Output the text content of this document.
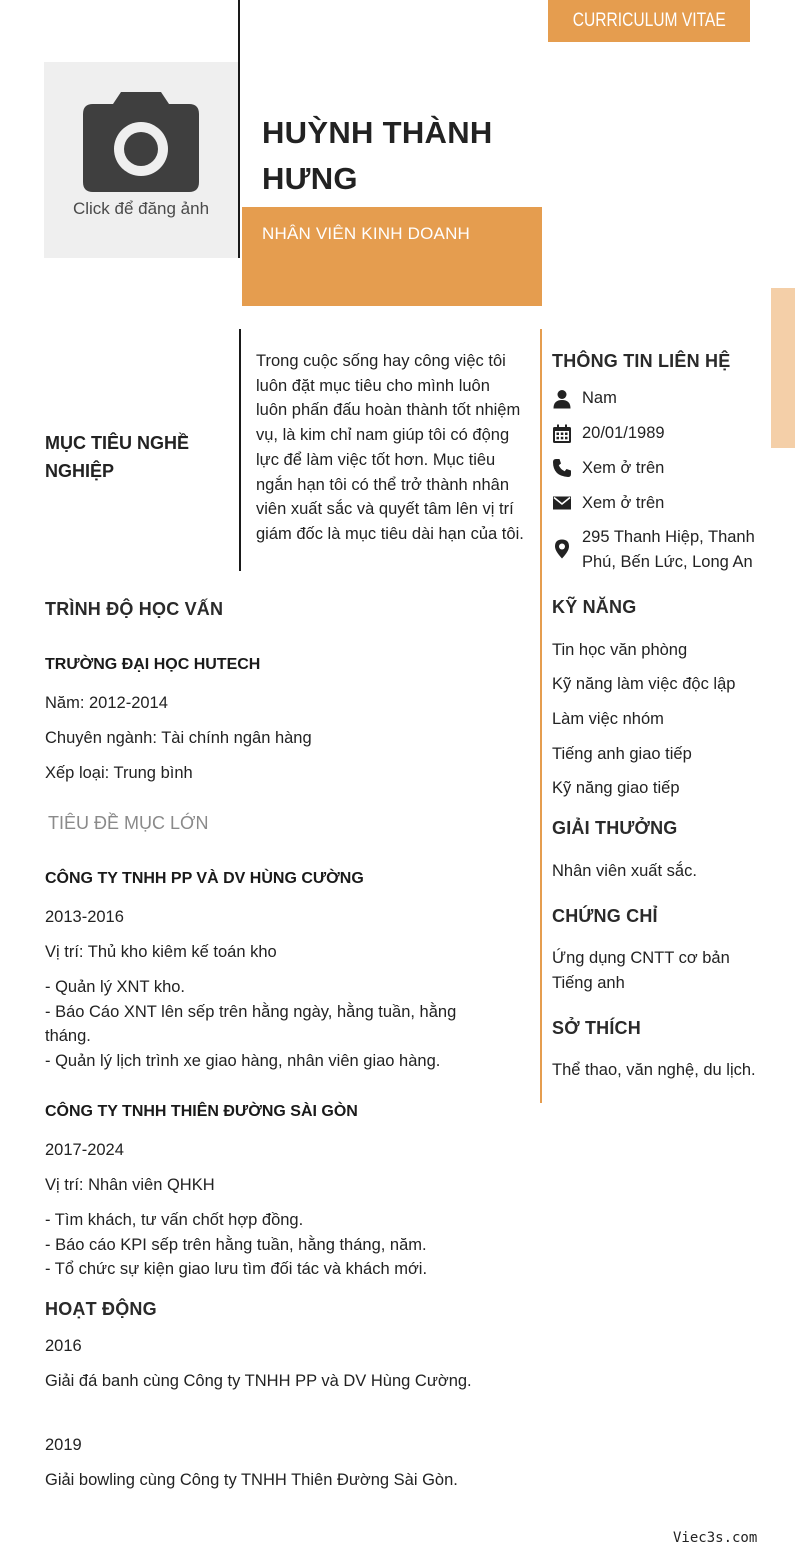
CURRICULUM VITAE
Click để đăng ảnh
HUỲNH THÀNH
HƯNG
NHÂN VIÊN KINH DOANH
MỤC TIÊU NGHỀ
NGHIỆP
Trong cuộc sống hay công việc tôi luôn đặt mục tiêu cho mình luôn luôn phấn đấu hoàn thành tốt nhiệm vụ, là kim chỉ nam giúp tôi có động lực để làm việc tốt hơn. Mục tiêu ngắn hạn tôi có thể trở thành nhân viên xuất sắc và quyết tâm lên vị trí giám đốc là mục tiêu dài hạn của tôi.
THÔNG TIN LIÊN HỆ
Nam
20/01/1989
Xem ở trên
Xem ở trên
295 Thanh Hiệp, Thanh
Phú, Bến Lức, Long An
KỸ NĂNG
Tin học văn phòng
Kỹ năng làm việc độc lập
Làm việc nhóm
Tiếng anh giao tiếp
Kỹ năng giao tiếp
GIẢI THƯỞNG
Nhân viên xuất sắc.
CHỨNG CHỈ
Ứng dụng CNTT cơ bản
Tiếng anh
SỞ THÍCH
Thể thao, văn nghệ, du lịch.
TRÌNH ĐỘ HỌC VẤN
TRƯỜNG ĐẠI HỌC HUTECH
Năm: 2012-2014
Chuyên ngành: Tài chính ngân hàng
Xếp loại: Trung bình
TIÊU ĐỀ MỤC LỚN
CÔNG TY TNHH PP VÀ DV HÙNG CƯỜNG
2013-2016
Vị trí: Thủ kho kiêm kế toán kho
- Quản lý XNT kho.
- Báo Cáo XNT lên sếp trên hằng ngày, hằng tuần, hằng
tháng.
- Quản lý lịch trình xe giao hàng, nhân viên giao hàng.
CÔNG TY TNHH THIÊN ĐƯỜNG SÀI GÒN
2017-2024
Vị trí: Nhân viên QHKH
- Tìm khách, tư vấn chốt hợp đồng.
- Báo cáo KPI sếp trên hằng tuần, hằng tháng, năm.
- Tổ chức sự kiện giao lưu tìm đối tác và khách mới.
HOẠT ĐỘNG
2016
Giải đá banh cùng Công ty TNHH PP và DV Hùng Cường.
2019
Giải bowling cùng Công ty TNHH Thiên Đường Sài Gòn.
Viec3s.com
